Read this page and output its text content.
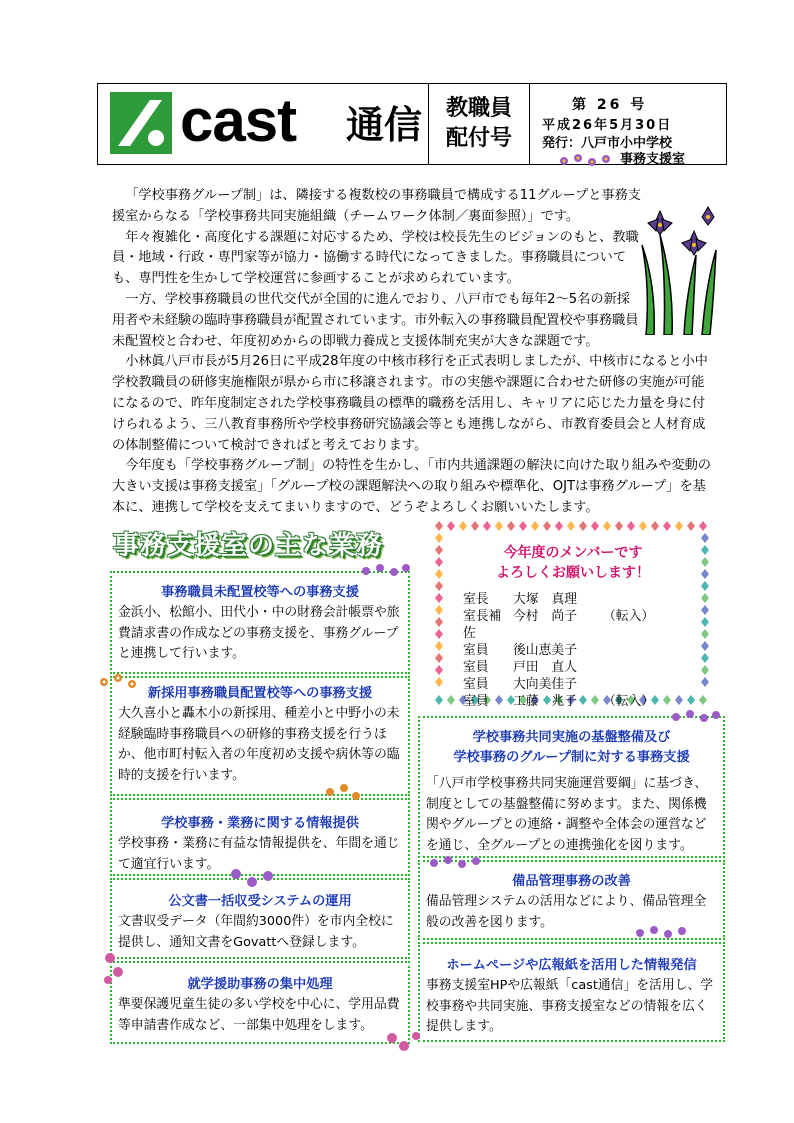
cast 通信 教職員
配付号
第 26 号
平成26年5月30日
発行：八戸市小中学校
事務支援室

「学校事務グループ制」は、隣接する複数校の事務職員で構成する11グループと事務支援室からなる「学校事務共同実施組織（チームワーク体制／裏面参照）」です。

年々複雑化・高度化する課題に対応するため、学校は校長先生のビジョンのもと、教職員・地域・行政・専門家等が協力・協働する時代になってきました。事務職員についても、専門性を生かして学校運営に参画することが求められています。

一方、学校事務職員の世代交代が全国的に進んでおり、八戸市でも毎年2～5名の新採用者や未経験の臨時事務職員が配置されています。市外転入の事務職員配置校や事務職員未配置校と合わせ、年度初めからの即戦力養成と支援体制充実が大きな課題です。

小林眞八戸市長が5月26日に平成28年度の中核市移行を正式表明しましたが、中核市になると小中学校教職員の研修実施権限が県から市に移譲されます。市の実態や課題に合わせた研修の実施が可能になるので、昨年度制定された学校事務職員の標準的職務を活用し、キャリアに応じた力量を身に付けられるよう、三八教育事務所や学校事務研究協議会等とも連携しながら、市教育委員会と人材育成の体制整備について検討できればと考えております。

今年度も「学校事務グループ制」の特性を生かし、「市内共通課題の解決に向けた取り組みや変動の大きい支援は事務支援室」「グループ校の課題解決への取り組みや標準化、OJTは事務グループ」を基本に、連携して学校を支えてまいりますので、どうぞよろしくお願いいたします。

事務支援室の主な業務
事務職員未配置校等への事務支援

金浜小、松館小、田代小・中の財務会計帳票や旅費請求書の作成などの事務支援を、事務グループと連携して行います。

新採用事務職員配置校等への事務支援

大久喜小と轟木小の新採用、種差小と中野小の未経験臨時事務職員への研修的事務支援を行うほか、他市町村転入者の年度初め支援や病休等の臨時的支援を行います。

学校事務・業務に関する情報提供

学校事務・業務に有益な情報提供を、年間を通じて適宜行います。

公文書一括収受システムの運用

文書収受データ（年間約3000件）を市内全校に提供し、通知文書をGovattへ登録します。

就学援助事務の集中処理

準要保護児童生徒の多い学校を中心に、学用品費等申請書作成など、一部集中処理をします。

今年度のメンバーです
よろしくお願いします！
室長	大塚　真理	
室長補佐	今村　尚子	（転入）
室員	後山恵美子	
室員	戸田　直人	
室員	大向美佳子	
室員	工藤　兆子	（転入）
学校事務共同実施の基盤整備及び
学校事務のグループ制に対する事務支援

「八戸市学校事務共同実施運営要綱」に基づき、制度としての基盤整備に努めます。また、関係機関やグループとの連絡・調整や全体会の運営などを通じ、全グループとの連携強化を図ります。

備品管理事務の改善

備品管理システムの活用などにより、備品管理全般の改善を図ります。

ホームページや広報紙を活用した情報発信

事務支援室HPや広報紙「cast通信」を活用し、学校事務や共同実施、事務支援室などの情報を広く提供します。
